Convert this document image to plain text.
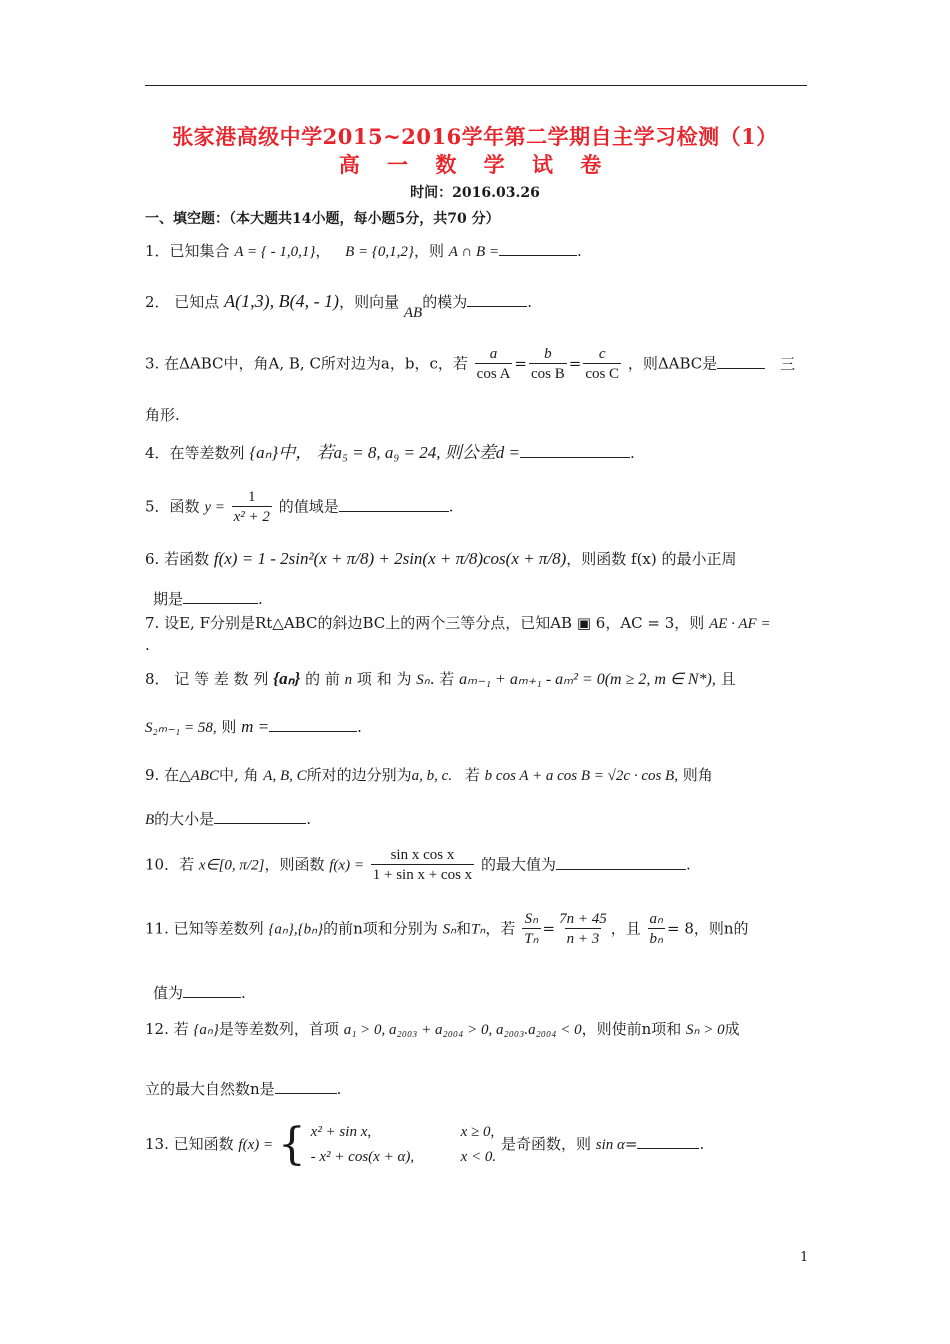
张家港高级中学2015~2016学年第二学期自主学习检测（1）
高 一 数 学 试 卷
时间：2016.03.26
一、填空题：（本大题共14小题，每小题5分，共70 分）
1．已知集合 A = { - 1,0,1}， B = {0,1,2}，则 A ∩ B =	.
2． 已知点 A(1,3), B(4, - 1)，则向量 AB的模为	.
3. 在ΔABC中，角A, B, C所对边为a，b，c，若 $\frac{a}{\text{cos A}} = \frac{b}{\text{cos B}} = \frac{c}{\text{cos C}}$ ，则ΔABC是	三
角形.
4．在等差数列 {aₙ}中， 若a₅ = 8, a₉ = 24, 则公差d =	.
5．函数 $y = \frac{1}{\text{x² + 2}}$ 的值域是	.
6. 若函数 f(x) = 1 - 2sin²(x + π/8) + 2sin(x + π/8)cos(x + π/8)，则函数 f(x) 的最小正周
期是	.
7. 设E, F分别是Rt△ABC的斜边BC上的两个三等分点，已知AB ▣ 6，AC = 3，则 AE · AF =
.
8． 记 等 差 数 列 {aₙ} 的 前 n 项 和 为 Sₙ. 若 aₘ₋₁ + aₘ₊₁ - aₘ² = 0(m ≥ 2, m ∈ N*), 且
S₂ₘ₋₁ = 58, 则 m =	.
9. 在△ABC中, 角 A, B, C所对的边分别为a, b, c. 若 b cos A + a cos B = √2c · cos B, 则角
B的大小是	.
10．若 x∈[0, π/2]，则函数 $f(x) = \frac{\text{sin x cos x}}{\text{1 + sin x + cos x}}$ 的最大值为	.
11. 已知等差数列 {aₙ},{bₙ}的前n项和分别为 Sₙ和Tₙ，若 $\frac{\text{Sₙ}}{\text{Tₙ}} = \frac{7n + 45}{n + 3}$ ，且 $\frac{\text{aₙ}}{\text{bₙ}} = 8$，则n的
值为	.
12. 若 {aₙ}是等差数列，首项 a₁ > 0, a₂₀₀₃ + a₂₀₀₄ > 0, a₂₀₀₃.a₂₀₀₄ < 0，则使前n项和 Sₙ > 0成
立的最大自然数n是	.
13. 已知函数 f(x) = { x² + sin x,	x ≥ 0,
- x² + cos(x + α),	x < 0. 是奇函数，则 sin α=	.
1
